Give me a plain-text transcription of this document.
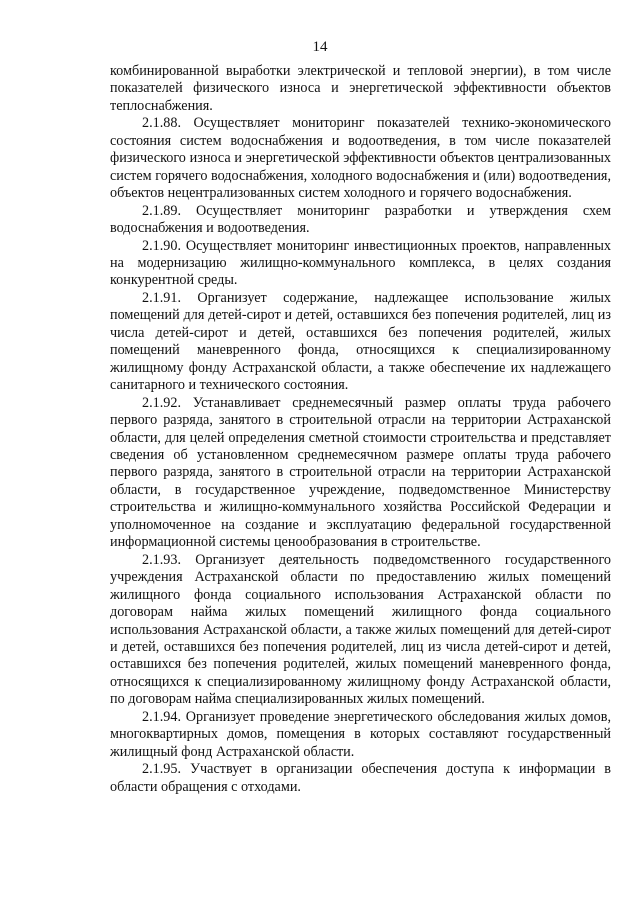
14

комбинированной выработки электрической и тепловой энергии), в том числе показателей физического износа и энергетической эффективности объектов теплоснабжения.

2.1.88. Осуществляет мониторинг показателей технико-экономического состояния систем водоснабжения и водоотведения, в том числе показателей физического износа и энергетической эффективности объектов централизованных систем горячего водоснабжения, холодного водоснабжения и (или) водоотведения, объектов нецентрализованных систем холодного и горячего водоснабжения.

2.1.89. Осуществляет мониторинг разработки и утверждения схем водоснабжения и водоотведения.

2.1.90. Осуществляет мониторинг инвестиционных проектов, направленных на модернизацию жилищно-коммунального комплекса, в целях создания конкурентной среды.

2.1.91. Организует содержание, надлежащее использование жилых помещений для детей-сирот и детей, оставшихся без попечения родителей, лиц из числа детей-сирот и детей, оставшихся без попечения родителей, жилых помещений маневренного фонда, относящихся к специализированному жилищному фонду Астраханской области, а также обеспечение их надлежащего санитарного и технического состояния.

2.1.92. Устанавливает среднемесячный размер оплаты труда рабочего первого разряда, занятого в строительной отрасли на территории Астраханской области, для целей определения сметной стоимости строительства и представляет сведения об установленном среднемесячном размере оплаты труда рабочего первого разряда, занятого в строительной отрасли на территории Астраханской области, в государственное учреждение, подведомственное Министерству строительства и жилищно-коммунального хозяйства Российской Федерации и уполномоченное на создание и эксплуатацию федеральной государственной информационной системы ценообразования в строительстве.

2.1.93. Организует деятельность подведомственного государственного учреждения Астраханской области по предоставлению жилых помещений жилищного фонда социального использования Астраханской области по договорам найма жилых помещений жилищного фонда социального использования Астраханской области, а также жилых помещений для детей-сирот и детей, оставшихся без попечения родителей, лиц из числа детей-сирот и детей, оставшихся без попечения родителей, жилых помещений маневренного фонда, относящихся к специализированному жилищному фонду Астраханской области, по договорам найма специализированных жилых помещений.

2.1.94. Организует проведение энергетического обследования жилых домов, многоквартирных домов, помещения в которых составляют государственный жилищный фонд Астраханской области.

2.1.95. Участвует в организации обеспечения доступа к информации в области обращения с отходами.
